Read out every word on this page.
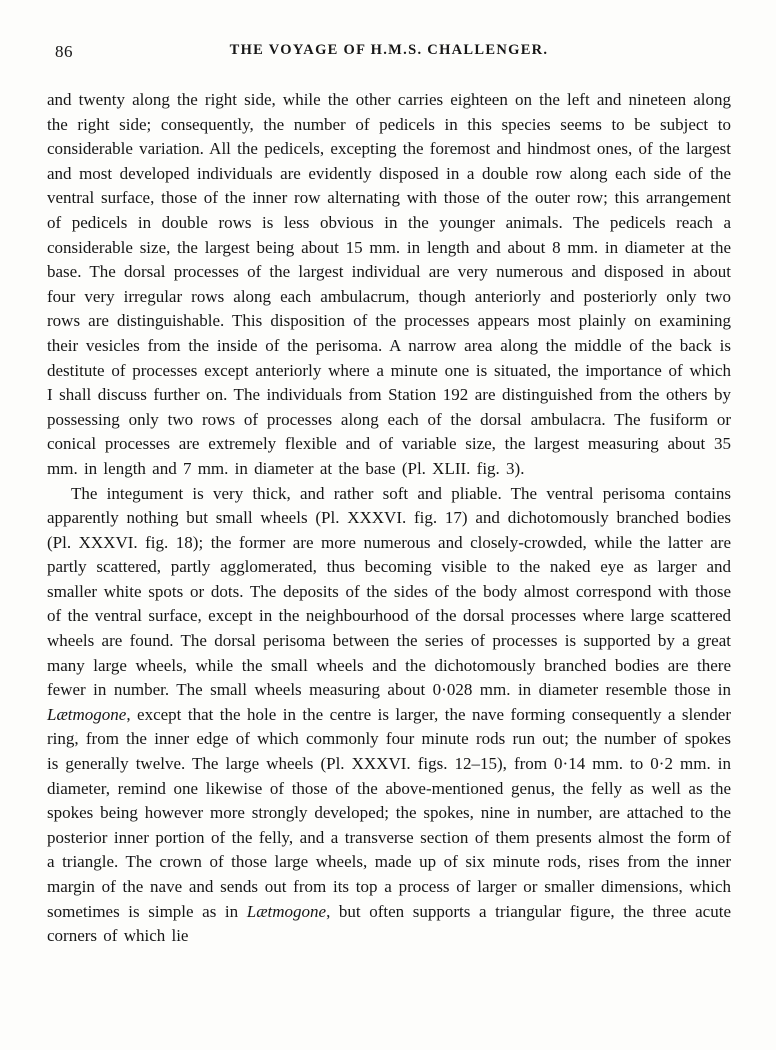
86	THE VOYAGE OF H.M.S. CHALLENGER.

and twenty along the right side, while the other carries eighteen on the left and nineteen along the right side; consequently, the number of pedicels in this species seems to be subject to considerable variation. All the pedicels, excepting the foremost and hindmost ones, of the largest and most developed individuals are evidently disposed in a double row along each side of the ventral surface, those of the inner row alternating with those of the outer row; this arrangement of pedicels in double rows is less obvious in the younger animals. The pedicels reach a considerable size, the largest being about 15 mm. in length and about 8 mm. in diameter at the base. The dorsal processes of the largest individual are very numerous and disposed in about four very irregular rows along each ambulacrum, though anteriorly and posteriorly only two rows are distinguishable. This disposition of the processes appears most plainly on examining their vesicles from the inside of the perisoma. A narrow area along the middle of the back is destitute of processes except anteriorly where a minute one is situated, the importance of which I shall discuss further on. The individuals from Station 192 are distinguished from the others by possessing only two rows of processes along each of the dorsal ambulacra. The fusiform or conical processes are extremely flexible and of variable size, the largest measuring about 35 mm. in length and 7 mm. in diameter at the base (Pl. XLII. fig. 3).

The integument is very thick, and rather soft and pliable. The ventral perisoma contains apparently nothing but small wheels (Pl. XXXVI. fig. 17) and dichotomously branched bodies (Pl. XXXVI. fig. 18); the former are more numerous and closely-crowded, while the latter are partly scattered, partly agglomerated, thus becoming visible to the naked eye as larger and smaller white spots or dots. The deposits of the sides of the body almost correspond with those of the ventral surface, except in the neighbourhood of the dorsal processes where large scattered wheels are found. The dorsal perisoma between the series of processes is supported by a great many large wheels, while the small wheels and the dichotomously branched bodies are there fewer in number. The small wheels measuring about 0·028 mm. in diameter resemble those in Lætmogone, except that the hole in the centre is larger, the nave forming consequently a slender ring, from the inner edge of which commonly four minute rods run out; the number of spokes is generally twelve. The large wheels (Pl. XXXVI. figs. 12–15), from 0·14 mm. to 0·2 mm. in diameter, remind one likewise of those of the above-mentioned genus, the felly as well as the spokes being however more strongly developed; the spokes, nine in number, are attached to the posterior inner portion of the felly, and a transverse section of them presents almost the form of a triangle. The crown of those large wheels, made up of six minute rods, rises from the inner margin of the nave and sends out from its top a process of larger or smaller dimensions, which sometimes is simple as in Lætmogone, but often supports a triangular figure, the three acute corners of which lie
